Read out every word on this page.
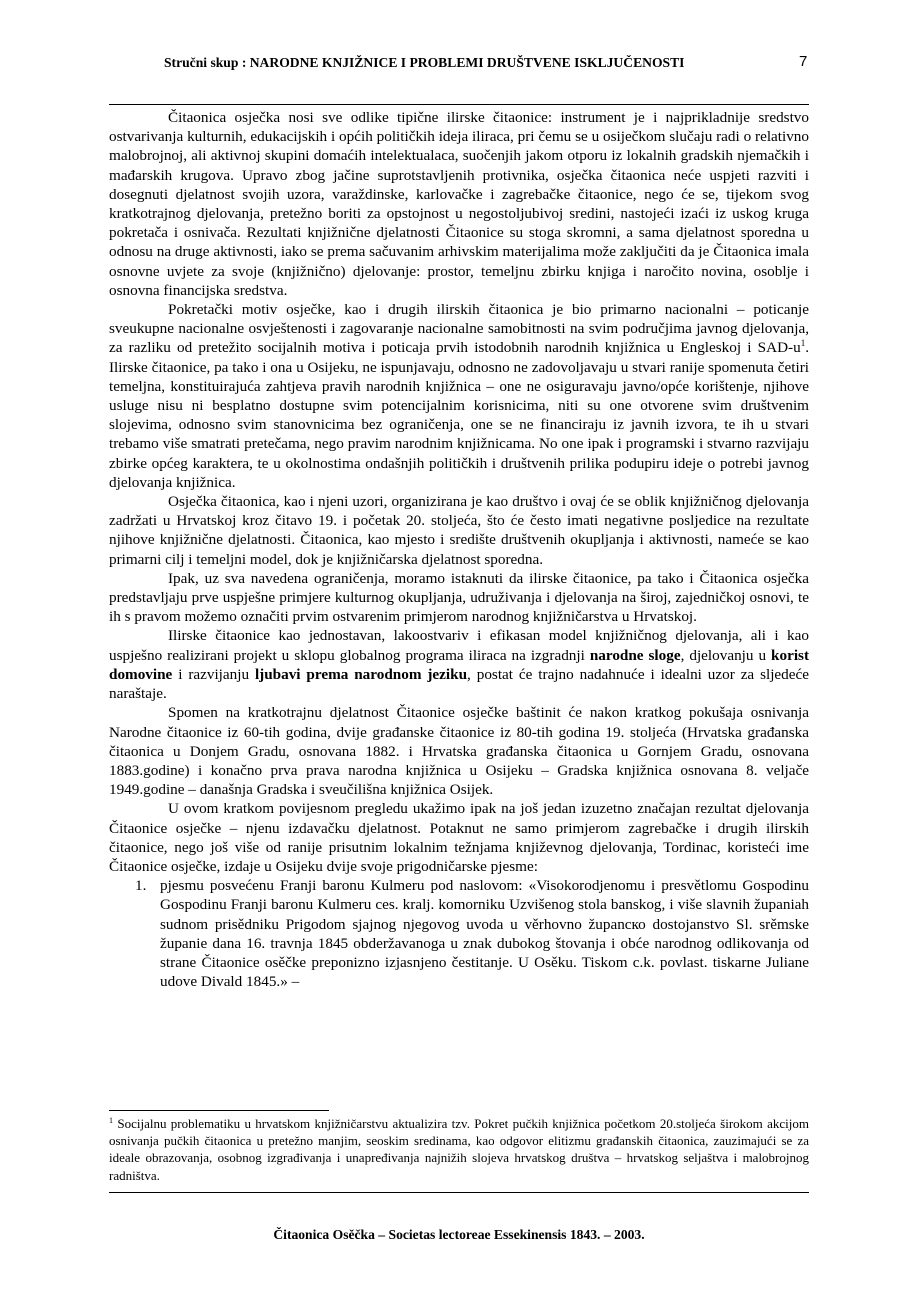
Stručni skup : NARODNE KNJIŽNICE I PROBLEMI DRUŠTVENE ISKLJUČENOSTI	7

Čitaonica osječka nosi sve odlike tipične ilirske čitaonice: instrument je i najprikladnije sredstvo ostvarivanja kulturnih, edukacijskih i općih političkih ideja iliraca, pri čemu se u osiječkom slučaju radi o relativno malobrojnoj, ali aktivnoj skupini domaćih intelektualaca, suočenjih jakom otporu iz lokalnih gradskih njemačkih i mađarskih krugova. Upravo zbog jačine suprotstavljenih protivnika, osječka čitaonica neće uspjeti razviti i dosegnuti djelatnost svojih uzora, varaždinske, karlovačke i zagrebačke čitaonice, nego će se, tijekom svog kratkotrajnog djelovanja, pretežno boriti za opstojnost u negostoljubivoj sredini, nastojeći izaći iz uskog kruga pokretača i osnivača. Rezultati knjižnične djelatnosti Čitaonice su stoga skromni, a sama djelatnost sporedna u odnosu na druge aktivnosti, iako se prema sačuvanim arhivskim materijalima može zaključiti da je Čitaonica imala osnovne uvjete za svoje (knjižnično) djelovanje: prostor, temeljnu zbirku knjiga i naročito novina, osoblje i osnovna financijska sredstva.

Pokretački motiv osječke, kao i drugih ilirskih čitaonica je bio primarno nacionalni – poticanje sveukupne nacionalne osvještenosti i zagovaranje nacionalne samobitnosti na svim područjima javnog djelovanja, za razliku od pretežito socijalnih motiva i poticaja prvih istodobnih narodnih knjižnica u Engleskoj i SAD-$u^1$. Ilirske čitaonice, pa tako i ona u Osijeku, ne ispunjavaju, odnosno ne zadovoljavaju u stvari ranije spomenuta četiri temeljna, konstituirajuća zahtjeva pravih narodnih knjižnica – one ne osiguravaju javno/opće korištenje, njihove usluge nisu ni besplatno dostupne svim potencijalnim korisnicima, niti su one otvorene svim društvenim slojevima, odnosno svim stanovnicima bez ograničenja, one se ne financiraju iz javnih izvora, te ih u stvari trebamo više smatrati pretečama, nego pravim narodnim knjižnicama. No one ipak i programski i stvarno razvijaju zbirke općeg karaktera, te u okolnostima ondašnjih političkih i društvenih prilika podupiru ideje o potrebi javnog djelovanja knjižnica.

Osječka čitaonica, kao i njeni uzori, organizirana je kao društvo i ovaj će se oblik knjižničnog djelovanja zadržati u Hrvatskoj kroz čitavo 19. i početak 20. stoljeća, što će često imati negativne posljedice na rezultate njihove knjižnične djelatnosti. Čitaonica, kao mjesto i središte društvenih okupljanja i aktivnosti, nameće se kao primarni cilj i temeljni model, dok je knjižničarska djelatnost sporedna.

Ipak, uz sva navedena ograničenja, moramo istaknuti da ilirske čitaonice, pa tako i Čitaonica osječka predstavljaju prve uspješne primjere kulturnog okupljanja, udruživanja i djelovanja na široj, zajedničkoj osnovi, te ih s pravom možemo označiti prvim ostvarenim primjerom narodnog knjižničarstva u Hrvatskoj.

Ilirske čitaonice kao jednostavan, lakoostvariv i efikasan model knjižničnog djelovanja, ali i kao uspješno realizirani projekt u sklopu globalnog programa iliraca na izgradnji narodne sloge, djelovanju u korist domovine i razvijanju ljubavi prema narodnom jeziku, postat će trajno nadahnuće i idealni uzor za sljedeće naraštaje.

Spomen na kratkotrajnu djelatnost Čitaonice osječke baštinit će nakon kratkog pokušaja osnivanja Narodne čitaonice iz 60-tih godina, dvije građanske čitaonice iz 80-tih godina 19. stoljeća (Hrvatska građanska čitaonica u Donjem Gradu, osnovana 1882. i Hrvatska građanska čitaonica u Gornjem Gradu, osnovana 1883.godine) i konačno prva prava narodna knjižnica u Osijeku – Gradska knjižnica osnovana 8. veljače 1949.godine – današnja Gradska i sveučilišna knjižnica Osijek.

U ovom kratkom povijesnom pregledu ukažimo ipak na još jedan izuzetno značajan rezultat djelovanja Čitaonice osječke – njenu izdavačku djelatnost. Potaknut ne samo primjerom zagrebačke i drugih ilirskih čitaonice, nego još više od ranije prisutnim lokalnim težnjama književnog djelovanja, Tordinac, koristeći ime Čitaonice osječke, izdaje u Osijeku dvije svoje prigodničarske pjesme:

1. pjesmu posvećenu Franji baronu Kulmeru pod naslovom: «Visokorodjenomu i presvětlomu Gospodinu Gospodinu Franji baronu Kulmeru ces. kralj. komorniku Uzvišenog stola banskog, i više slavnih županiah sudnom prisědniku Prigodom sjajnog njegovog uvoda u věrhovno županско dostojanstvo Sl. srěmske županie dana 16. travnja 1845 obderžavanoga u znak dubokog štovanja i obće narodnog odlikovanja od strane Čitaonice osěčke preponizno izjasnjeno čestitanje. U Osěku. Tiskom c.k. povlast. tiskarne Juliane udove Divald 1845.» –
$^1$ Socijalnu problematiku u hrvatskom knjižničarstvu aktualizira tzv. Pokret pučkih knjižnica početkom 20.stoljeća širokom akcijom osnivanja pučkih čitaonica u pretežno manjim, seoskim sredinama, kao odgovor elitizmu građanskih čitaonica, zauzimajući se za ideale obrazovanja, osobnog izgrađivanja i unapređivanja najnižih slojeva hrvatskog društva – hrvatskog seljaštva i malobrojnog radništva.
Čitaonica Osěčka – Societas lectoreae Essekinensis 1843. – 2003.
